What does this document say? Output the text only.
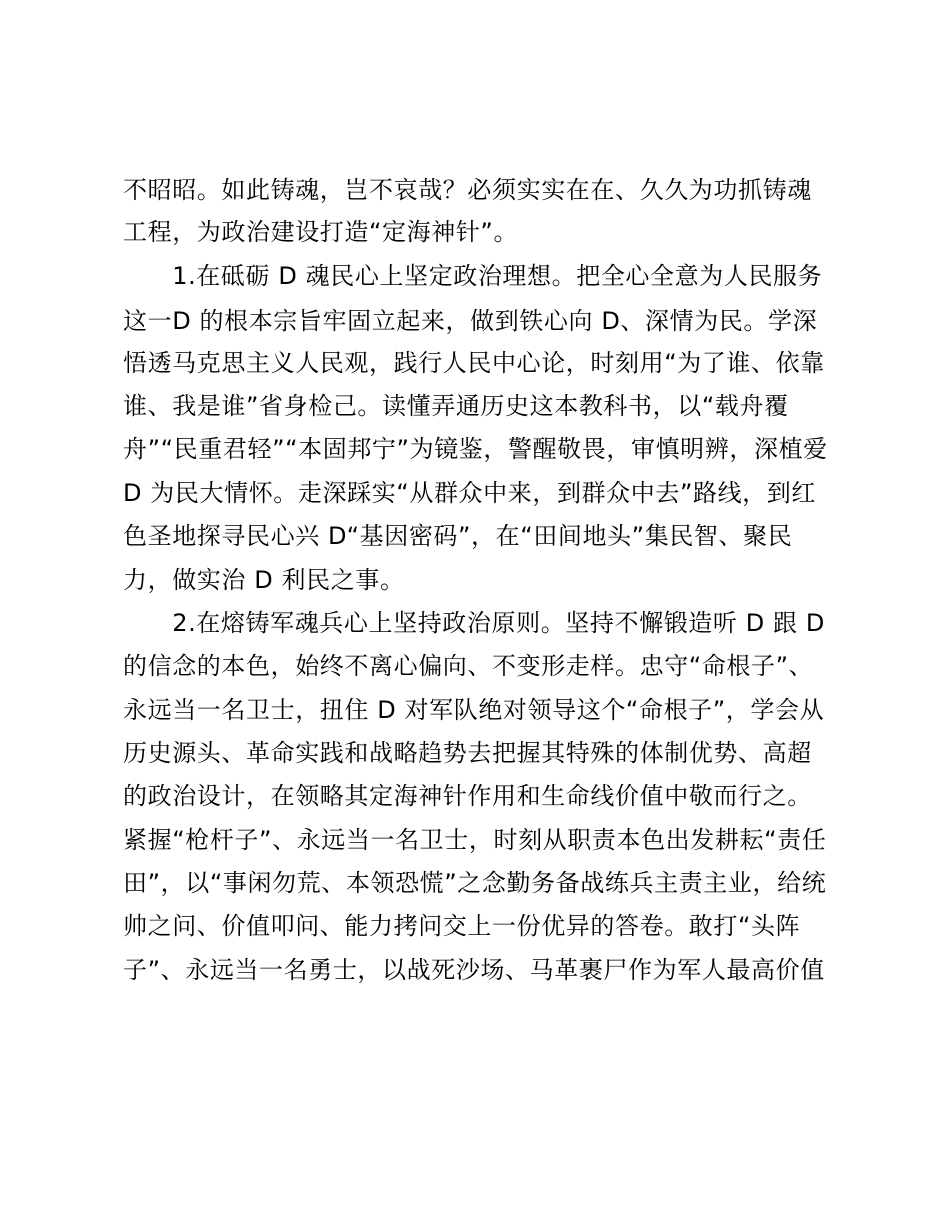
不昭昭。如此铸魂，岂不哀哉？必须实实在在、久久为功抓铸魂
工程，为政治建设打造“定海神针”。
　　1.在砥砺 D 魂民心上坚定政治理想。把全心全意为人民服务
这一D 的根本宗旨牢固立起来，做到铁心向 D、深情为民。学深
悟透马克思主义人民观，践行人民中心论，时刻用“为了谁、依靠
谁、我是谁”省身检己。读懂弄通历史这本教科书，以“载舟覆
舟”“民重君轻”“本固邦宁”为镜鉴，警醒敬畏，审慎明辨，深植爱
D 为民大情怀。走深踩实“从群众中来，到群众中去”路线，到红
色圣地探寻民心兴 D“基因密码”，在“田间地头”集民智、聚民
力，做实治 D 利民之事。
　　2.在熔铸军魂兵心上坚持政治原则。坚持不懈锻造听 D 跟 D
的信念的本色，始终不离心偏向、不变形走样。忠守“命根子”、
永远当一名卫士，扭住 D 对军队绝对领导这个“命根子”，学会从
历史源头、革命实践和战略趋势去把握其特殊的体制优势、高超
的政治设计，在领略其定海神针作用和生命线价值中敬而行之。
紧握“枪杆子”、永远当一名卫士，时刻从职责本色出发耕耘“责任
田”，以“事闲勿荒、本领恐慌”之念勤务备战练兵主责主业，给统
帅之问、价值叩问、能力拷问交上一份优异的答卷。敢打“头阵
子”、永远当一名勇士，以战死沙场、马革裹尸作为军人最高价值
